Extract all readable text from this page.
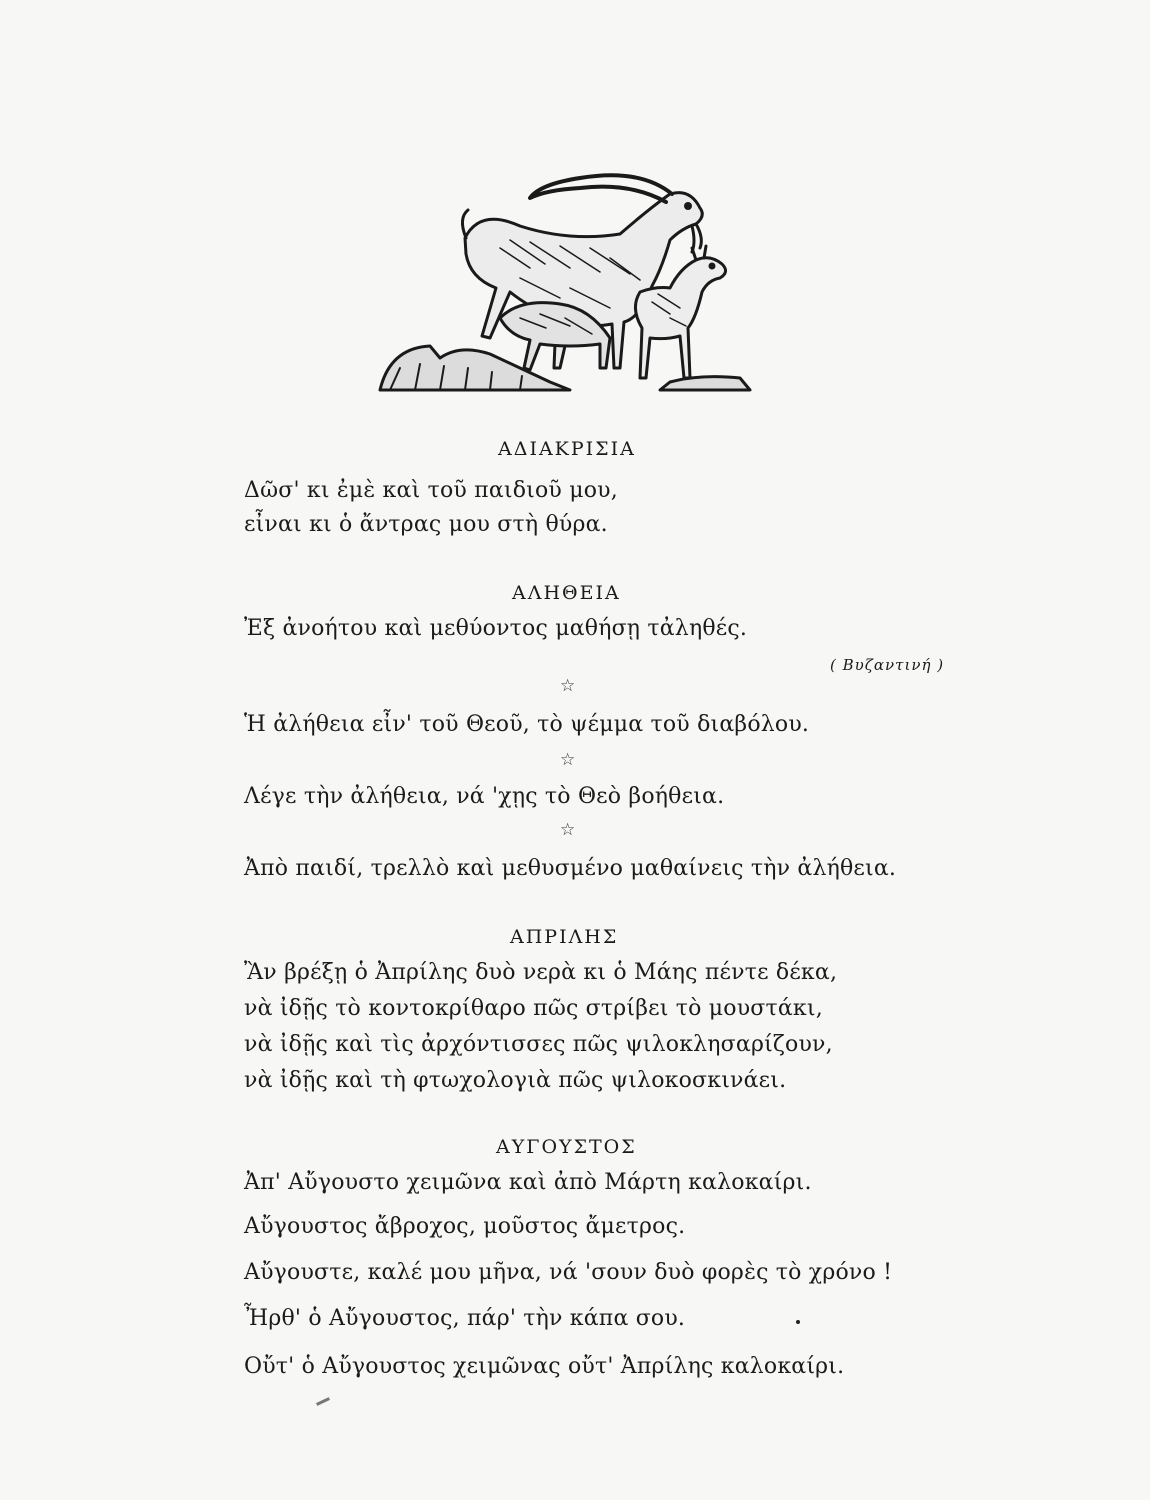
ΑΔΙΑΚΡΙΣΙΑ
Δῶσ' κι ἐμὲ καὶ τοῦ παιδιοῦ μου,
εἶναι κι ὁ ἄντρας μου στὴ θύρα.
ΑΛΗΘΕΙΑ
Ἐξ ἀνοήτου καὶ μεθύοντος μαθήσῃ τἀληθές.
( Βυζαντινή )
☆
Ἡ ἀλήθεια εἶν' τοῦ Θεοῦ, τὸ ψέμμα τοῦ διαβόλου.
☆
Λέγε τὴν ἀλήθεια, νά 'χῃς τὸ Θεὸ βοήθεια.
☆
Ἀπὸ παιδί, τρελλὸ καὶ μεθυσμένο μαθαίνεις τὴν ἀλήθεια.
ΑΠΡΙΛΗΣ
Ἂν βρέξῃ ὁ Ἀπρίλης δυὸ νερὰ κι ὁ Μάης πέντε δέκα,
νὰ ἰδῇς τὸ κοντοκρίθαρο πῶς στρίβει τὸ μουστάκι,
νὰ ἰδῇς καὶ τὶς ἀρχόντισσες πῶς ψιλοκλησαρίζουν,
νὰ ἰδῇς καὶ τὴ φτωχολογιὰ πῶς ψιλοκοσκινάει.
ΑΥΓΟΥΣΤΟΣ
Ἀπ' Αὔγουστο χειμῶνα καὶ ἀπὸ Μάρτη καλοκαίρι.
Αὔγουστος ἄβροχος, μοῦστος ἄμετρος.
Αὔγουστε, καλέ μου μῆνα, νά 'σουν δυὸ φορὲς τὸ χρόνο !
Ἦρθ' ὁ Αὔγουστος, πάρ' τὴν κάπα σου.
Οὔτ' ὁ Αὔγουστος χειμῶνας οὔτ' Ἀπρίλης καλοκαίρι.
